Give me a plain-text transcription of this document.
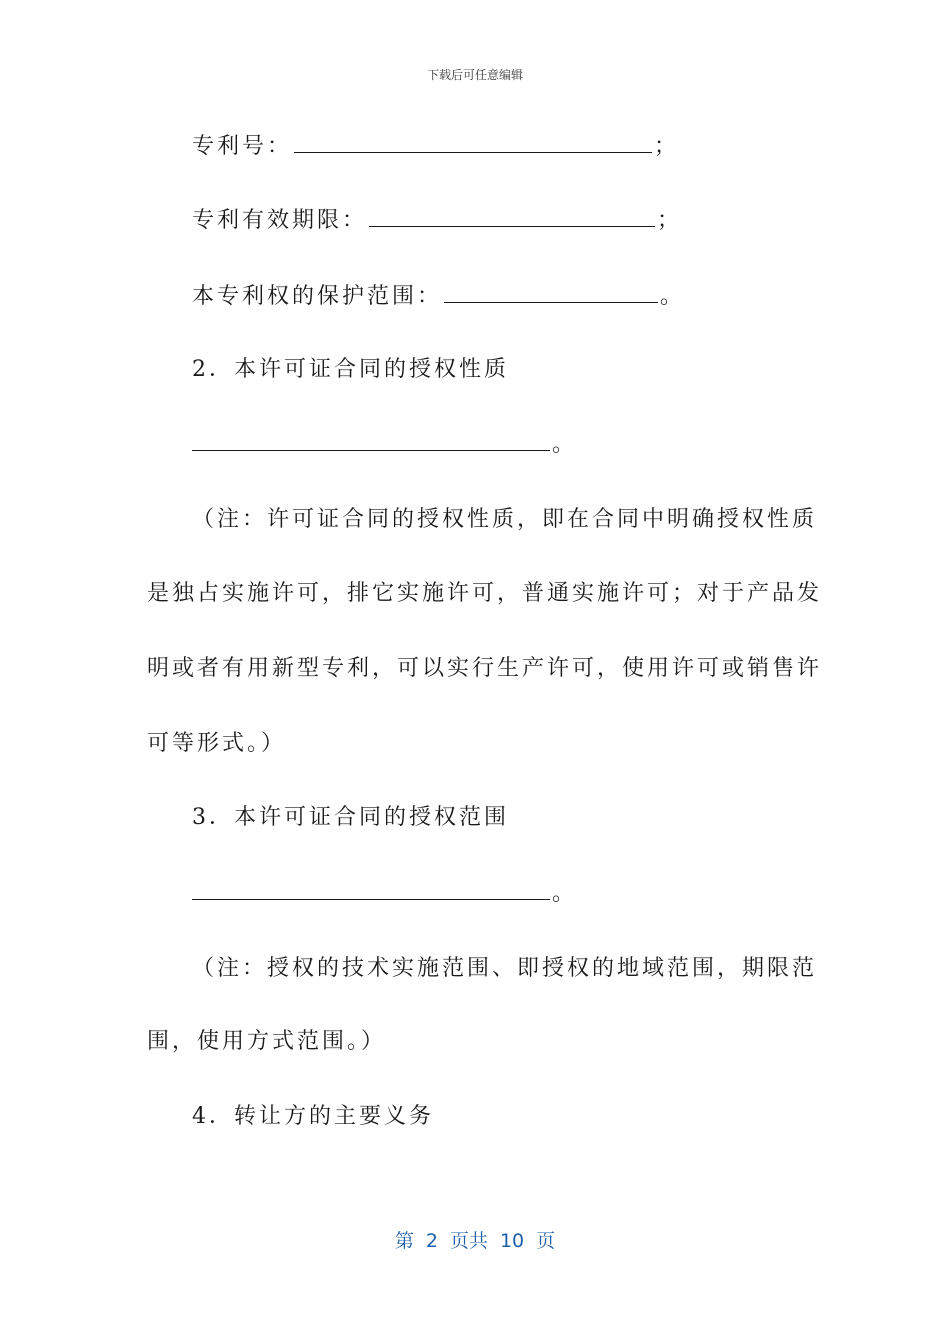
下载后可任意编辑
专利号：	；
专利有效期限：	；
本专利权的保护范围：	。
2．本许可证合同的授权性质
。
（注：许可证合同的授权性质，即在合同中明确授权性质
是独占实施许可，排它实施许可，普通实施许可；对于产品发
明或者有用新型专利，可以实行生产许可，使用许可或销售许
可等形式。）
3．本许可证合同的授权范围
。
（注：授权的技术实施范围、即授权的地域范围，期限范
围，使用方式范围。）
4．转让方的主要义务
第 2 页共 10 页
